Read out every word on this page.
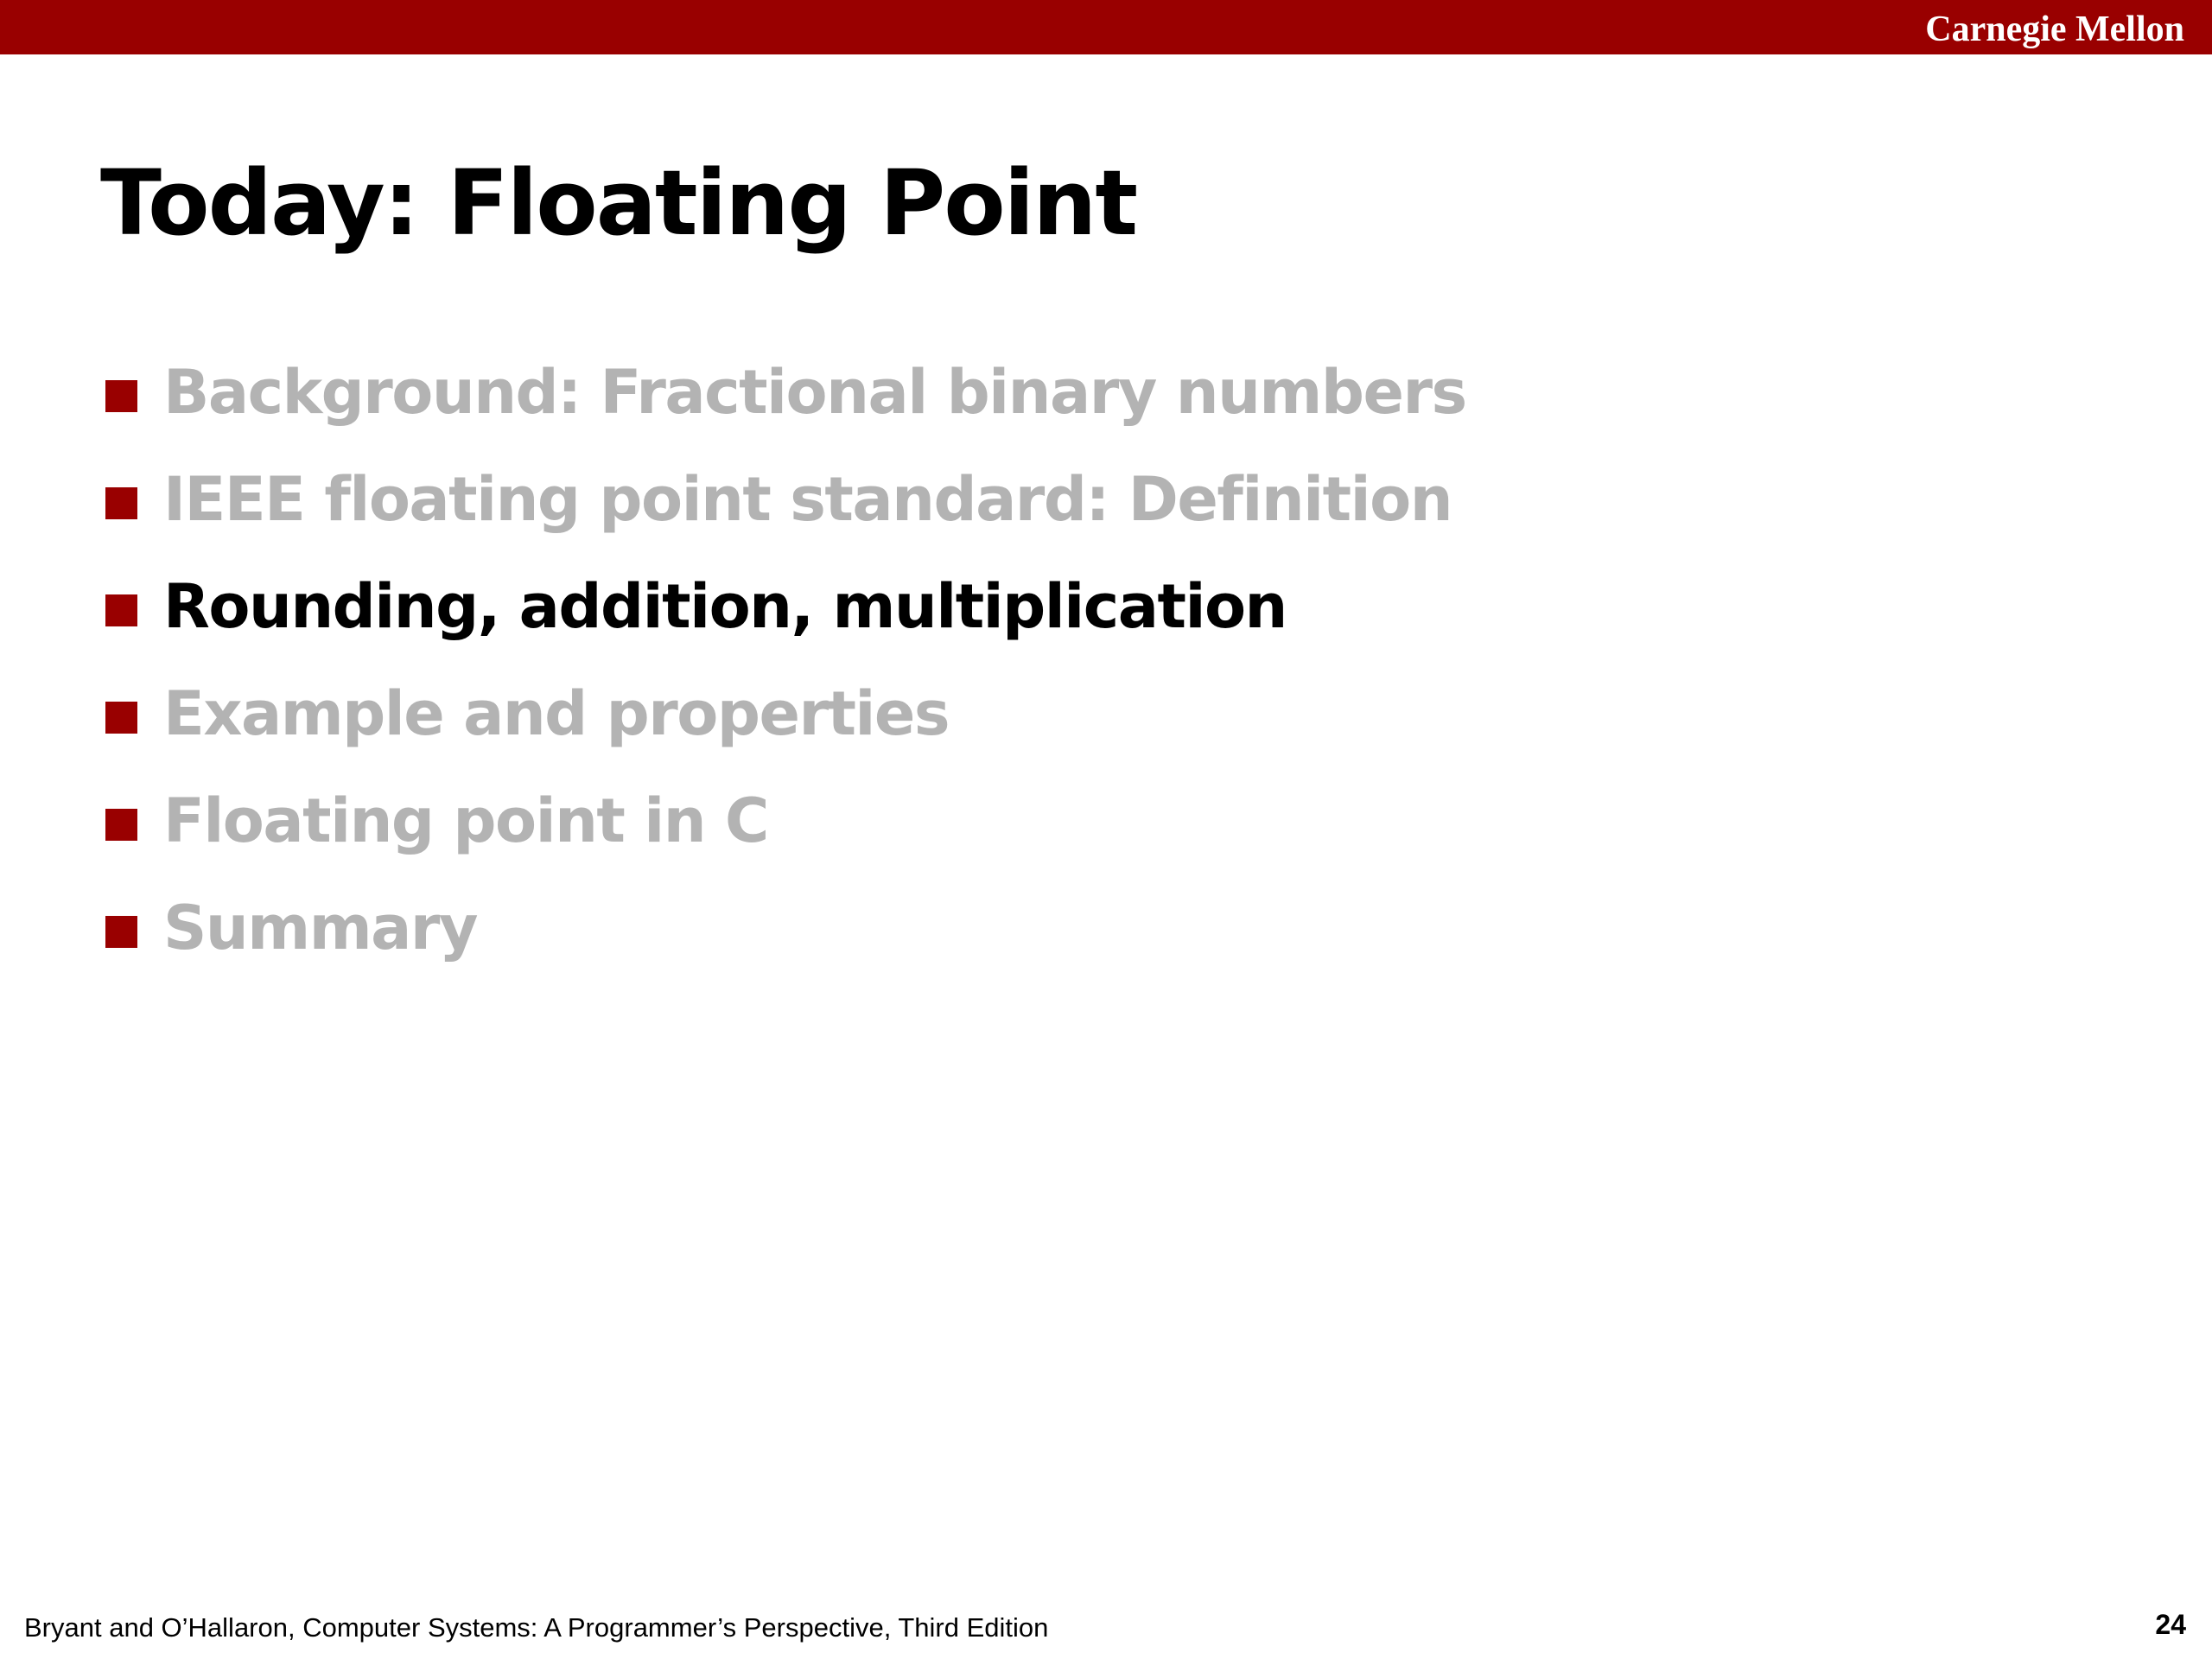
Carnegie Mellon
Today: Floating Point
Background: Fractional binary numbers
IEEE floating point standard: Definition
Rounding, addition, multiplication
Example and properties
Floating point in C
Summary
Bryant and O’Hallaron, Computer Systems: A Programmer’s Perspective, Third Edition	24
